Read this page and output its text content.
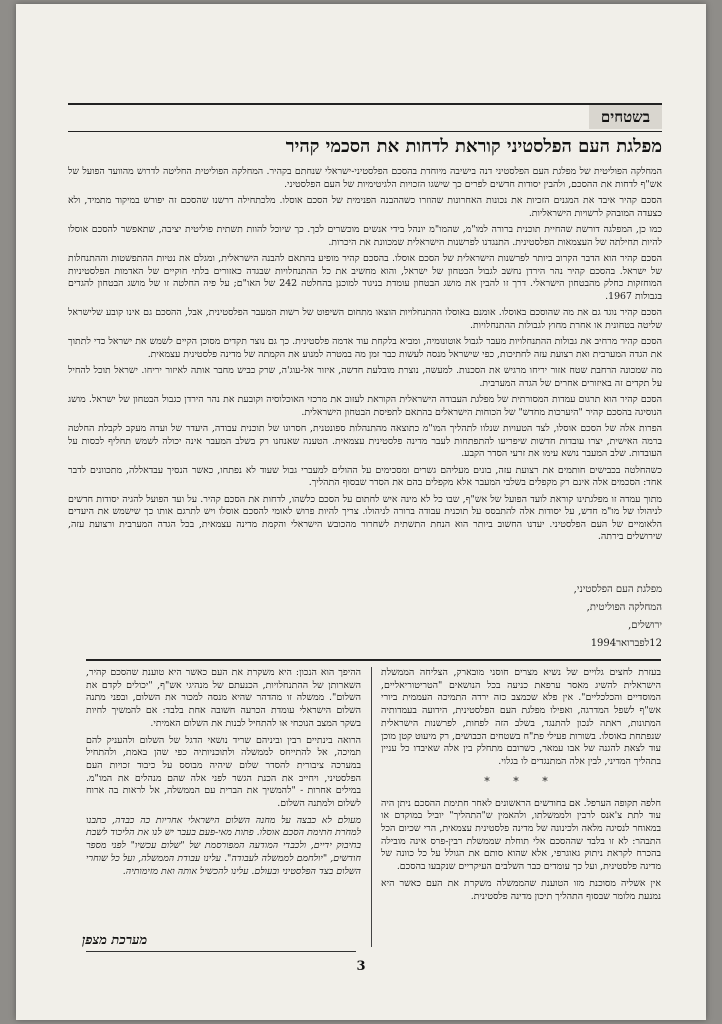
בשטחים
מפלגת העם הפלסטיני קוראת לדחות את הסכמי קהיר

המחלקה הפוליטית של מפלגת העם הפלסטיני דנה בישיבה מיוחדת בהסכם הפלסטיני-ישראלי שנחתם בקהיר. המחלקה הפוליטית החליטה לדרוש מהוועד הפועל של אש"ף לדחות את ההסכם, ולהבין יסודות חדשים לפרים כך שישגו הזכויות הלגיטימיות של העם הפלסטיני.

הסכם קהיר איבד את המגנים הזכיות את נכונות האחרונות שהוזרו כשההבנה הפנימית של הסכם אוסלו. מלכתחילה דרשנו שהסכם זה יפורש במיקוד מתמיד, ולא כצעדה המובהק לרשויות הישראליות.

כמו כן, המפלגה דורשת שהחיית תוכנית ברורה למו"מ, שהמו"מ יונהל בידי אנשים מוכשרים לכך. כך שיוכל להוות תשתית פוליטית יציבה, שתאפשר להסכם אוסלו להיות תחילתה של העצמאות הפלסטינית. התנגדנו לפרשנות הישראלית שמכוונת את היכרות.

הסכם קהיר הוא הדבר הקרוב ביותר לפרשנות הישראלית של הסכם אוסלו. בהסכם קהיר מופיע בהתאם להבנה הישראלית, ומגלם את נטיות ההתפשטות וההתנחלות של ישראל. בהסכם קהיר נהר הירדן נחשב לגבול הבטחון של ישראל, והוא מחשיב את כל ההתנחלויות שבגדה כאזורים בלתי חוקיים של האדמות הפלסטיניות המוחזקות כחלק מהבטחון הישראלי. דרך זו להבין את מושג הבטחון עומדת בניגוד למוכנן בהחלטה 242 של האו"ם; על פיה החלטה זו של מושג הבטחון להגדים בגבולות 1967.

הסכם קהיר נוגד גם את מה שהוסכם באוסלו. אומנם באוסלו ההתנחלויות הוצאו מתחום השיפוט של רשות המעבר הפלסטינית, אבל, ההסכם גם אינו קובע שלישראל שליטה בטחונית או אחרת מחוץ לגבולות ההתנחלויות.

הסכם קהיר מרחיב את גבולות ההתנחלויות מעבר לגבול אוטונומיה, ומביא בלקחת עוד אדמה פלסטינית. כך גם נוצר תקדים מסוכן הקיים לשמש את ישראל כדי לתתוך את הגדה המערבית ואת רצועת עזה לחתיכות, כפי שישראל מנסה לעשות כבר זמן מה במטרה למנוע את הקמתה של מדינה פלסטינית עצמאית.

מה שמכונה הרחבת שטח אזור יריחו מרגיש את הסכנות. למעשה, נוצרת מובלעת חדשה, איזור אל-עוג'ה, שרק כביש מחבר אותה לאיזור יריחו. ישראל תוכל להחיל על תקדים זה באיזורים אחרים של הגדה המערבית.

הסכם קהיר הוא תרגום עמדות המסורתית של מפלגת העבודה הישראלית הקוראת לעזוב את מרכזי האוכלוסיה וקובעת את נהר הירדן כגבול הבטחון של ישראל. מושג הנוסיגה בהסכם קהיר "היערכות מחדש" של הכוחות הישראלים בהתאם לתפיסת הבטחון הישראלית.

הפרות אלה של הסכם אוסלו, לצד הטעויות שנלוו לתהליך המו"מ כתוצאה מהתנהלות ספונטנית, חסרונו של תוכנית עבודה, היעדר של ועדה מעקב לקבלת החלטה ברמה האישית, יצרו עובדות חדשות שיפריעו להתפתחות לעבר מדינה פלסטינית עצמאית. הטענה שאנחנו רק בשלב המעבר אינה יכולה לשמש תחליף לכסות על העובדות. שלב המעבר נושא עימו את זרעי הסדר הקבע.

כשהחלטה בכבישים חותמים את רצועת עזה, בונים מעליהם גשרים ומסכימים על ההולים למעברי גבול שעוד לא נפתחו, כאשר הנסיך עבדאללה, מתכוונים לדבר אחד: הסכמים אלה אינם רק מקפלים בשלבי המעבר אלא מקפלים בהם את הסדר שבסוף התהליך.

מתוך עמדה זו מפלגתינו קוראת לועד הפועל של אש"ף, שבו כל לא מינה איש לחתום על הסכם כלשהו, לדחות את הסכם קהיר. על ועד הפועל להגיה יסודות חדשים לניהולו של מו"מ חדש, על יסודות אלה להתבסס על תוכנית עבודה ברורה לניהולו. צריך להיות פרוש לאומי להסכם אוסלו ויש לתרגם אותו כך שישמש את היעדים הלאומיים של העם הפלסטיני. יעדנו החשוב ביותר הוא הנחת התשתית לשחרור מהכובש הישראלי והקמת מדינה עצמאית, בכל הגדה המערבית ורצועת עזה, שירושלים בירתה.

מפלגת העם הפלסטיני,
המחלקה הפוליטית,
ירושלים,
12לפברואר1994

בעזרת לחצים גלויים של נשיא מצרים חוסני מובארק, הצליחה הממשלת הישראלית להשיג מאסר ערפאת כניעה בכל הנושאים "הטריטוריאליים, המוסדיים והכלכליים". אין פלא שכמצב כזה ירדה התמיכה העממית ביורי אש"ף לשפל המדרגה, ואפילו מפלגת העם הפלסטינית, הידועה בעמדותיה המתונות, ראתה לנכון להתנגד, בשלב הזה לפחות, לפרשנות הישראלית שנפתחת באוסלו. בשורות פעילי פת"ח בשטחים הכבושים, רק מיעוט קטן מוכן עוד לצאת להגנה של אבו עמאר, כשרובם מתחלק בין אלה שאיבדו כל עניין בתהליך המדיני, לבין אלה המתנגדים לו בגלוי.

* * *

חלפה תקופה הערפל. אם בחודשים הראשונים לאחר חתימת ההסכם ניתן היה עוד לתת צ'אנס לרבין ולממשלתו, ולהאמין ש"התהליך" יוביל במוקדם או במאוחר לנסיגה מלאה ולכינונה של מדינה פלסטינית עצמאית, הרי שכיום הכל התבהר: לא זו בלבד שההסכם אלי תוחלת שממשלת רבין-פרס אינה מובילה בהכרח לקראת ניתוק גאוגרפי, אלא שהוא סותם את הגולל על כל כוונה של מדינה פלסטינית, ועל כך עומדים כבר השלבים העיקריים שנקבעו בהסכם.

אין אשליה מסוכנת מזו הטוענת שהממשלה משקרת את העם כאשר היא נמנעת מלומר שבסוף התהליך תיכון מדינה פלסטינית.

ההיפך הוא הנכון: היא משקרת את העם כאשר היא טוענת שהסכם קהיר, השארותן של ההתנחלויות, הכנעתם של מנהיגי אש"ף, "יכולים לקדם את השלום". ממשלה זו מהדהר שהיא מנסה למכור את השלום, ובפני מתנה השלום הישראלי עומדת הכרעה חשובה אחת בלבד: אם להמשיך לחיות בשקר המצב הנוכחי או להתחיל לבנות את השלום האמיתי.

הרואה בינתיים רבין וביניהם שריד נושאי הדגל של השלום ולהעניק להם תמיכה, אל להתייחס לממשלה ולתוכניותיה כפי שהן באמת, ולהתחיל במערכה ציבורית להסדר שלום שיהיה מבוסס על כיבוד זכויות העם הפלסטיני, ויחייב את הכנת הגשר לפני אלה שהם מנהלים את המו"מ. במילים אחרות - "להמשיך את הברית עם הממשלה, אל לראות בה ארוח לשלום ולמתנה השלום.

מעולם לא כבצה על מחנה השלום הישראלי אחריות כה כבדה, כתבנו למחרת חתימת הסכם אוסלו. פתות מאי-פעם בעבר יש לנו את הליכוד לשבת בחיבוק ידיים, ולכבדי המודעה המפורסמת של "שלום עכשיו" לפני מספר חודשים, "יולחמם לממשלה לעבודה". עלינו עבודת הממשלה, ועל כל שוחרי השלום בצד הפלסטיני ובעולם. עלינו להכשיל אותה ואת מזימותיה.

מערכת מצפן
3
